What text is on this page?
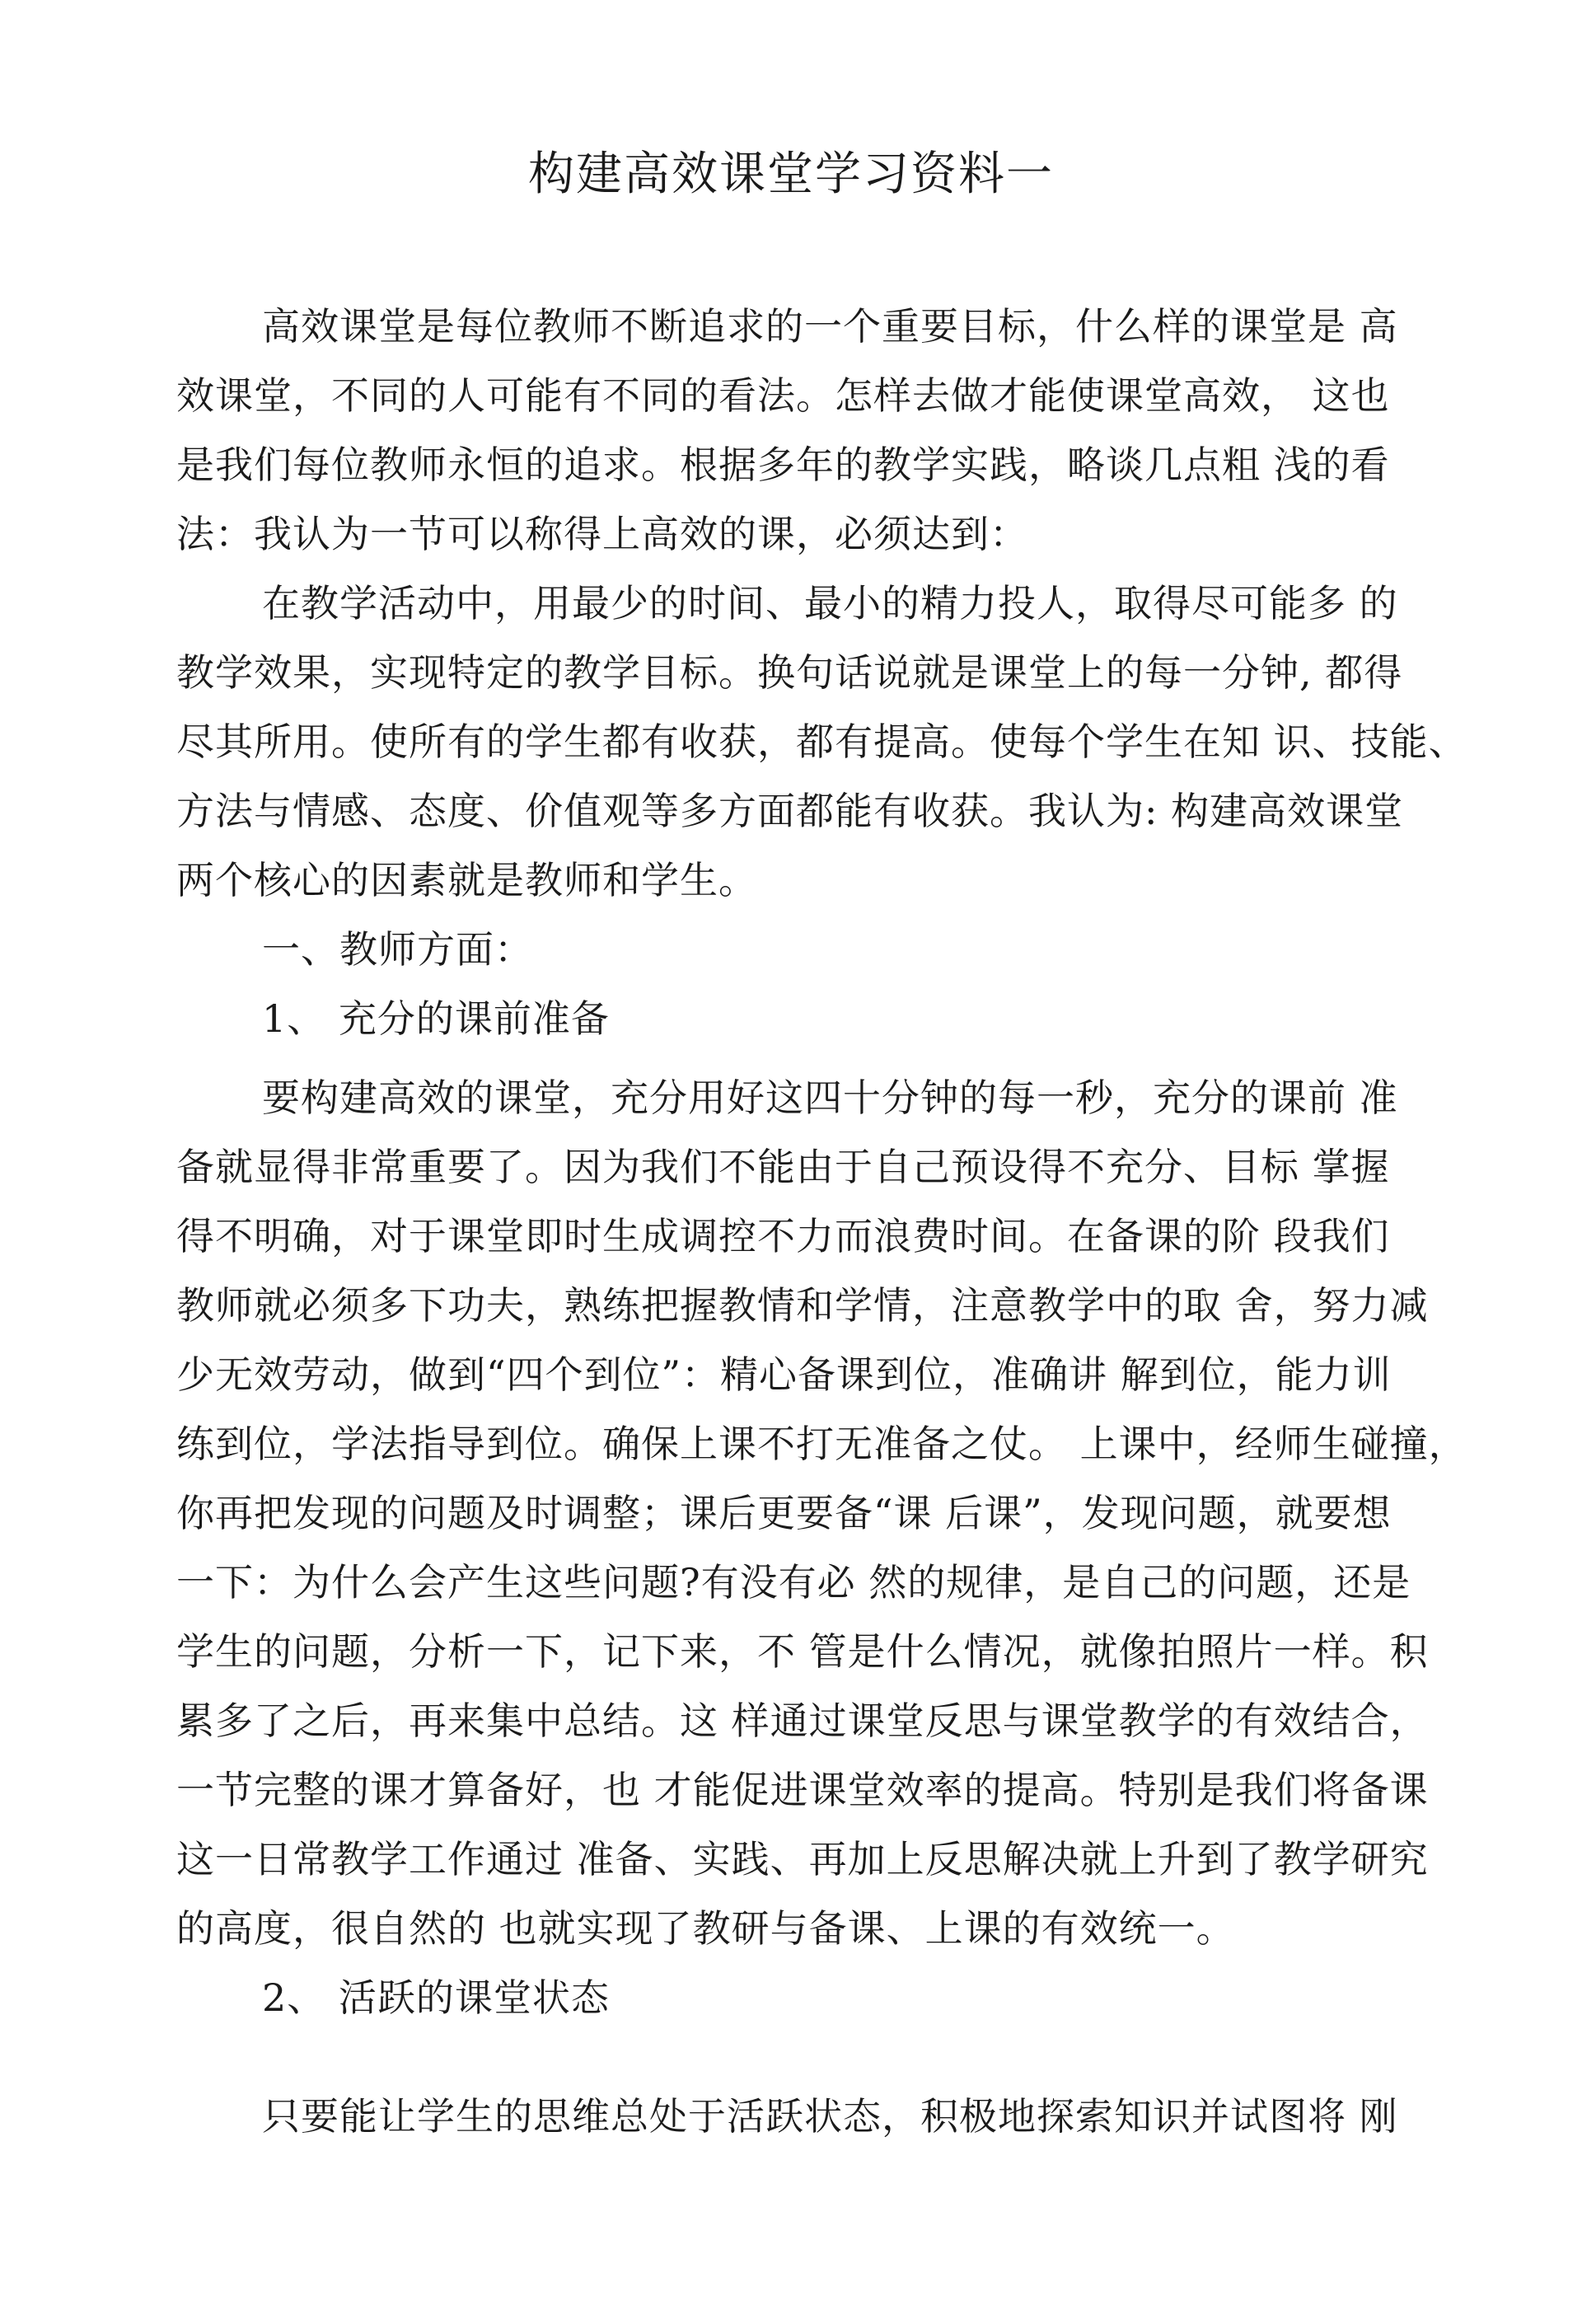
构建高效课堂学习资料一
高效课堂是每位教师不断追求的一个重要目标，什么样的课堂是 高
效课堂，不同的人可能有不同的看法。怎样去做才能使课堂高效， 这也
是我们每位教师永恒的追求。根据多年的教学实践，略谈几点粗 浅的看
法：我认为一节可以称得上高效的课，必须达到：
在教学活动中，用最少的时间、最小的精力投人，取得尽可能多 的
教学效果，实现特定的教学目标。换句话说就是课堂上的每一分钟, 都得
尽其所用。使所有的学生都有收获，都有提高。使每个学生在知 识、技能、
方法与情感、态度、价值观等多方面都能有收获。我认为: 构建高效课堂
两个核心的因素就是教师和学生。
一、教师方面：
1、 充分的课前准备
要构建高效的课堂，充分用好这四十分钟的每一秒，充分的课前 准
备就显得非常重要了。因为我们不能由于自己预设得不充分、目标 掌握
得不明确，对于课堂即时生成调控不力而浪费时间。在备课的阶 段我们
教师就必须多下功夫，熟练把握教情和学情，注意教学中的取 舍，努力减
少无效劳动，做到“四个到位”：精心备课到位，准确讲 解到位，能力训
练到位，学法指导到位。确保上课不打无准备之仗。 上课中，经师生碰撞，
你再把发现的问题及时调整；课后更要备“课 后课”，发现问题，就要想
一下：为什么会产生这些问题?有没有必 然的规律，是自己的问题，还是
学生的问题，分析一下，记下来，不 管是什么情况，就像拍照片一样。积
累多了之后，再来集中总结。这 样通过课堂反思与课堂教学的有效结合，
一节完整的课才算备好，也 才能促进课堂效率的提高。特别是我们将备课
这一日常教学工作通过 准备、实践、再加上反思解决就上升到了教学研究
的高度，很自然的 也就实现了教研与备课、上课的有效统一。
2、 活跃的课堂状态
只要能让学生的思维总处于活跃状态，积极地探索知识并试图将 刚
